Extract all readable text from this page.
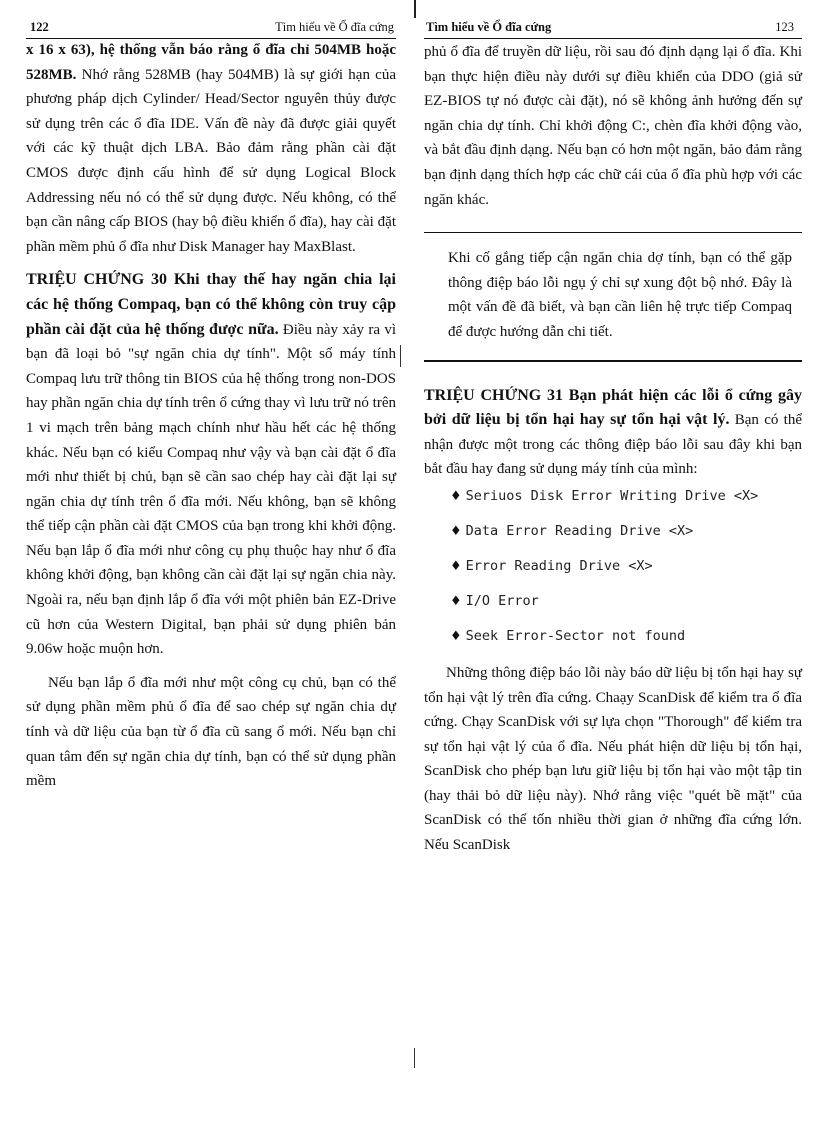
122	Tìm hiểu về Ổ đĩa cứng

x 16 x 63), hệ thống vẫn báo rằng ổ đĩa chỉ 504MB hoặc 528MB. Nhớ rằng 528MB (hay 504MB) là sự giới hạn của phương pháp dịch Cylinder/ Head/Sector nguyên thủy được sử dụng trên các ổ đĩa IDE. Vấn đề này đã được giải quyết với các kỹ thuật dịch LBA. Bảo đảm rằng phần cài đặt CMOS được định cấu hình để sử dụng Logical Block Addressing nếu nó có thể sử dụng được. Nếu không, có thể bạn cần nâng cấp BIOS (hay bộ điều khiển ổ đĩa), hay cài đặt phần mềm phủ ổ đĩa như Disk Manager hay MaxBlast.

TRIỆU CHỨNG 30 Khi thay thế hay ngăn chia lại các hệ thống Compaq, bạn có thể không còn truy cập phần cài đặt của hệ thống được nữa. Điều này xảy ra vì bạn đã loại bỏ "sự ngăn chia dự tính". Một số máy tính Compaq lưu trữ thông tin BIOS của hệ thống trong non-DOS hay phần ngăn chia dự tính trên ổ cứng thay vì lưu trữ nó trên 1 vi mạch trên bảng mạch chính như hầu hết các hệ thống khác. Nếu bạn có kiểu Compaq như vậy và bạn cài đặt ổ đĩa mới như thiết bị chủ, bạn sẽ cần sao chép hay cài đặt lại sự ngăn chia dự tính trên ổ đĩa mới. Nếu không, bạn sẽ không thể tiếp cận phần cài đặt CMOS của bạn trong khi khởi động. Nếu bạn lắp ổ đĩa mới như công cụ phụ thuộc hay như ổ đĩa không khởi động, bạn không cần cài đặt lại sự ngăn chia này. Ngoài ra, nếu bạn định lắp ổ đĩa với một phiên bản EZ-Drive cũ hơn của Western Digital, bạn phải sử dụng phiên bản 9.06w hoặc muộn hơn.

Nếu bạn lắp ổ đĩa mới như một công cụ chủ, bạn có thể sử dụng phần mềm phủ ổ đĩa để sao chép sự ngăn chia dự tính và dữ liệu của bạn từ ổ đĩa cũ sang ổ mới. Nếu bạn chỉ quan tâm đến sự ngăn chia dự tính, bạn có thể sử dụng phần mềm

Tìm hiểu về Ổ đĩa cứng	123

phủ ổ đĩa để truyền dữ liệu, rồi sau đó định dạng lại ổ đĩa. Khi bạn thực hiện điều này dưới sự điều khiển của DDO (giả sử EZ-BIOS tự nó được cài đặt), nó sẽ không ảnh hưởng đến sự ngăn chia dự tính. Chỉ khởi động C:, chèn đĩa khởi động vào, và bắt đầu định dạng. Nếu bạn có hơn một ngăn, bảo đảm rằng bạn định dạng thích hợp các chữ cái của ổ đĩa phù hợp với các ngăn khác.

Khi cố gắng tiếp cận ngăn chia dợ tính, bạn có thể gặp thông điệp báo lỗi ngụ ý chỉ sự xung đột bộ nhớ. Đây là một vấn đề đã biết, và bạn cần liên hệ trực tiếp Compaq để được hướng dẫn chi tiết.

TRIỆU CHỨNG 31 Bạn phát hiện các lỗi ổ cứng gây bởi dữ liệu bị tổn hại hay sự tổn hại vật lý. Bạn có thể nhận được một trong các thông điệp báo lỗi sau đây khi bạn bắt đầu hay đang sử dụng máy tính của mình:

♦ Seriuos Disk Error Writing Drive <X>
♦ Data Error Reading Drive <X>
♦ Error Reading Drive <X>
♦ I/O Error
♦ Seek Error-Sector not found

Những thông điệp báo lỗi này báo dữ liệu bị tổn hại hay sự tổn hại vật lý trên đĩa cứng. Chaạy ScanDisk để kiểm tra ổ đĩa cứng. Chạy ScanDisk với sự lựa chọn "Thorough" để kiểm tra sự tổn hại vật lý của ổ đĩa. Nếu phát hiện dữ liệu bị tổn hại, ScanDisk cho phép bạn lưu giữ liệu bị tổn hại vào một tập tin (hay thải bỏ dữ liệu này). Nhớ rằng việc "quét bề mặt" của ScanDisk có thể tốn nhiều thời gian ở những đĩa cứng lớn. Nếu ScanDisk
